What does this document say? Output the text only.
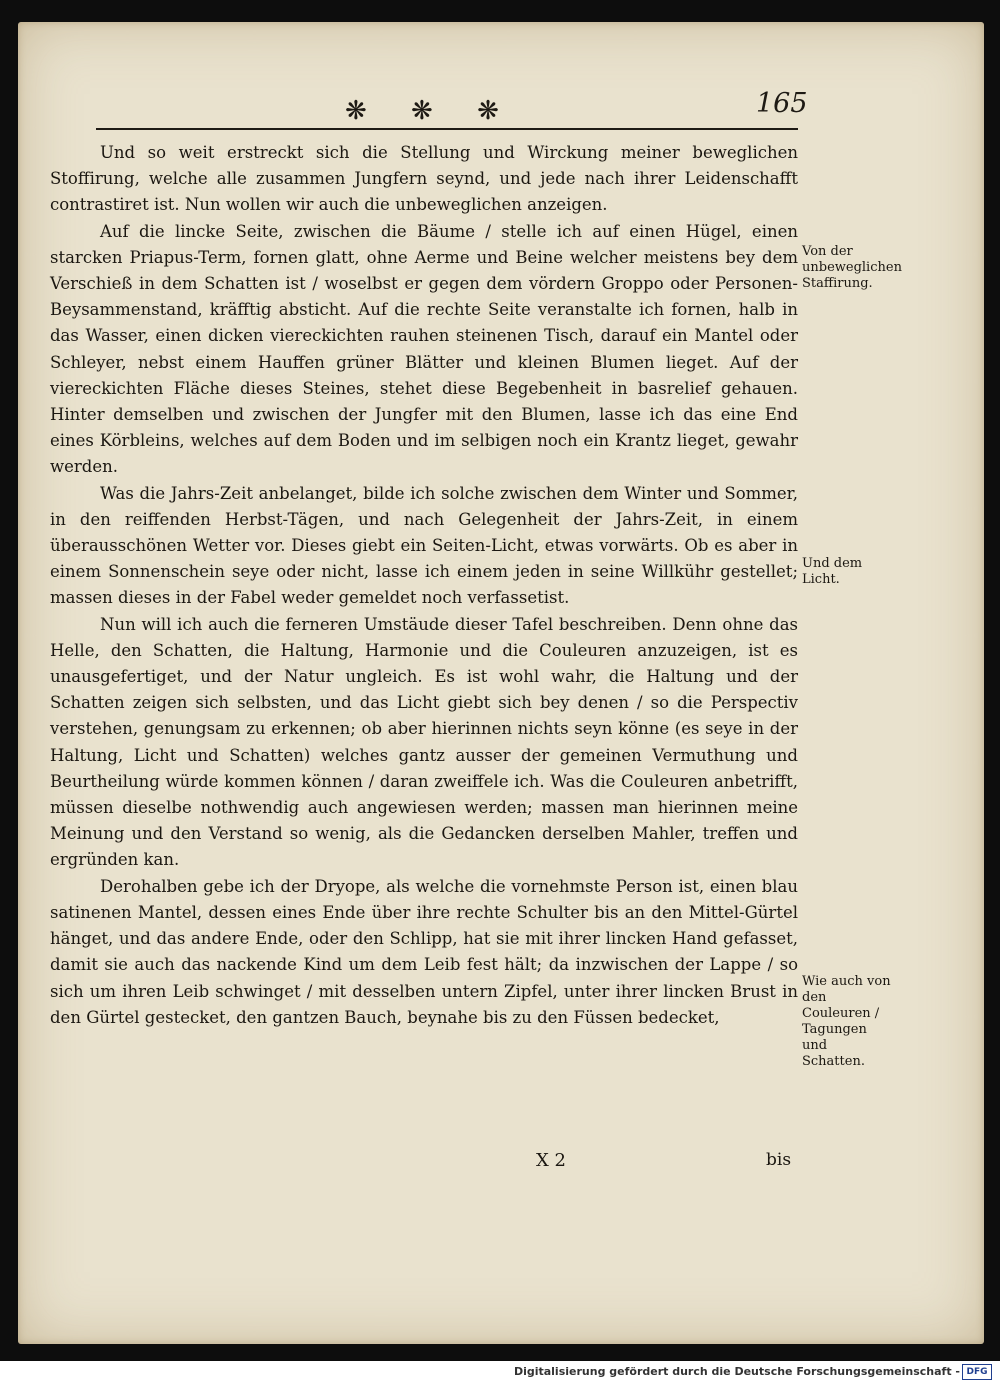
❋ ❋ ❋	165

Und so weit erstreckt sich die Stellung und Wirckung meiner beweglichen Stoffirung, welche alle zusammen Jungfern seynd, und jede nach ihrer Leidenschafft contrastiret ist. Nun wollen wir auch die unbeweglichen anzeigen.

Auf die lincke Seite, zwischen die Bäume / stelle ich auf einen Hügel, einen starcken Priapus-Term, fornen glatt, ohne Aerme und Beine welcher meistens bey dem Verschieß in dem Schatten ist / woselbst er gegen dem vördern Groppo oder Personen-Beysammenstand, kräfftig absticht. Auf die rechte Seite veranstalte ich fornen, halb in das Wasser, einen dicken viereckichten rauhen steinenen Tisch, darauf ein Mantel oder Schleyer, nebst einem Hauffen grüner Blätter und kleinen Blumen lieget. Auf der viereckichten Fläche dieses Steines, stehet diese Begebenheit in basrelief gehauen. Hinter demselben und zwischen der Jungfer mit den Blumen, lasse ich das eine End eines Körbleins, welches auf dem Boden und im selbigen noch ein Krantz lieget, gewahr werden.

Was die Jahrs-Zeit anbelanget, bilde ich solche zwischen dem Winter und Sommer, in den reiffenden Herbst-Tägen, und nach Gelegenheit der Jahrs-Zeit, in einem überausschönen Wetter vor. Dieses giebt ein Seiten-Licht, etwas vorwärts. Ob es aber in einem Sonnenschein seye oder nicht, lasse ich einem jeden in seine Willkühr gestellet; massen dieses in der Fabel weder gemeldet noch verfassetist.

Nun will ich auch die ferneren Umstäude dieser Tafel beschreiben. Denn ohne das Helle, den Schatten, die Haltung, Harmonie und die Couleuren anzuzeigen, ist es unausgefertiget, und der Natur ungleich. Es ist wohl wahr, die Haltung und der Schatten zeigen sich selbsten, und das Licht giebt sich bey denen / so die Perspectiv verstehen, genungsam zu erkennen; ob aber hierinnen nichts seyn könne (es seye in der Haltung, Licht und Schatten) welches gantz ausser der gemeinen Vermuthung und Beurtheilung würde kommen können / daran zweiffele ich. Was die Couleuren anbetrifft, müssen dieselbe nothwendig auch angewiesen werden; massen man hierinnen meine Meinung und den Verstand so wenig, als die Gedancken derselben Mahler, treffen und ergründen kan.

Derohalben gebe ich der Dryope, als welche die vornehmste Person ist, einen blau satinenen Mantel, dessen eines Ende über ihre rechte Schulter bis an den Mittel-Gürtel hänget, und das andere Ende, oder den Schlipp, hat sie mit ihrer lincken Hand gefasset, damit sie auch das nackende Kind um dem Leib fest hält; da inzwischen der Lappe / so sich um ihren Leib schwinget / mit desselben untern Zipfel, unter ihrer lincken Brust in den Gürtel gestecket, den gantzen Bauch, beynahe bis zu den Füssen bedecket,

Von der unbeweglichen Staffirung.
Und dem Licht.
Wie auch von den Couleuren / Tagungen und Schatten.
X 2	bis
Digitalisierung gefördert durch die Deutsche Forschungsgemeinschaft - DFG
